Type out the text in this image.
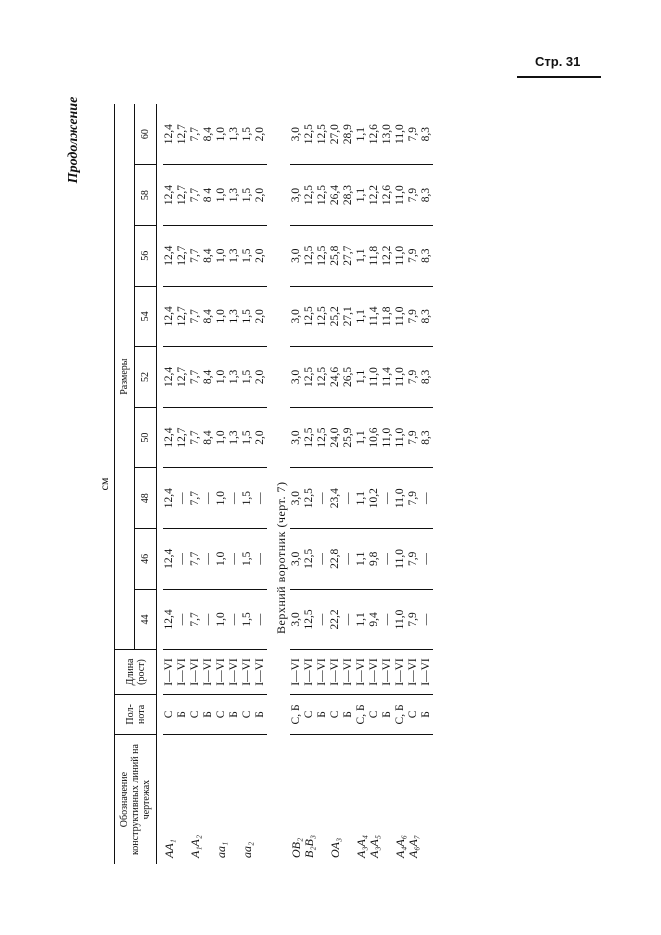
Стр. 31
Продолжение
см											
Обозначение конструктивных линий на чертежах	Пол-нота	Длина (рост)	Размеры								
			44	46	48	50	52	54	56	58	60

AA₁	С	I—VI	12,4	12,4	12,4	12,4	12,4	12,4	12,4	12,4	12,4
	Б	I—VI	—	—	—	12,7	12,7	12,7	12,7	12,7	12,7
A₁A₂	С	I—VI	7,7	7,7	7,7	7,7	7,7	7,7	7,7	7,7	7,7
	Б	I—VI	—	—	—	8,4	8,4	8,4	8,4	8 4	8,4
aa₁	С	I—VI	1,0	1,0	1,0	1,0	1,0	1,0	1,0	1,0	1,0
	Б	I—VI	—	—	—	1,3	1,3	1,3	1,3	1,3	1,3
aa₂	С	I—VI	1,5	1,5	1,5	1,5	1,5	1,5	1,5	1,5	1,5
	Б	I—VI	—	—	—	2,0	2,0	2,0	2,0	2,0	2,0

Верхний воротник (черт. 7)											
OB₂	С, Б	I—VI	3,0	3,0	3,0	3,0	3,0	3,0	3,0	3,0	3,0
B₂B₃	С	I—VI	12,5	12,5	12,5	12,5	12,5	12,5	12,5	12,5	12,5
	Б	I—VI	—	—	—	12,5	12,5	12,5	12,5	12,5	12,5
OA₃	С	I—VI	22,2	22,8	23,4	24,0	24,6	25,2	25,8	26,4	27,0
	Б	I—VI	—	—	—	25,9	26,5	27,1	27,7	28,3	28,9
A₃A₄	С, Б	I—VI	1,1	1,1	1,1	1,1	1,1	1,1	1,1	1,1	1,1
A₃A₅	С	I—VI	9,4	9,8	10,2	10,6	11,0	11,4	11,8	12,2	12,6
	Б	I—VI	—	—	—	11,0	11,4	11,8	12,2	12,6	13,0
A₄A₆	С, Б	I—VI	11,0	11,0	11,0	11,0	11,0	11,0	11,0	11,0	11,0
A₆A₇	С	I—VI	7,9	7,9	7,9	7,9	7,9	7,9	7,9	7,9	7,9
	Б	I—VI	—	—	—	8,3	8,3	8,3	8,3	8,3	8,3
